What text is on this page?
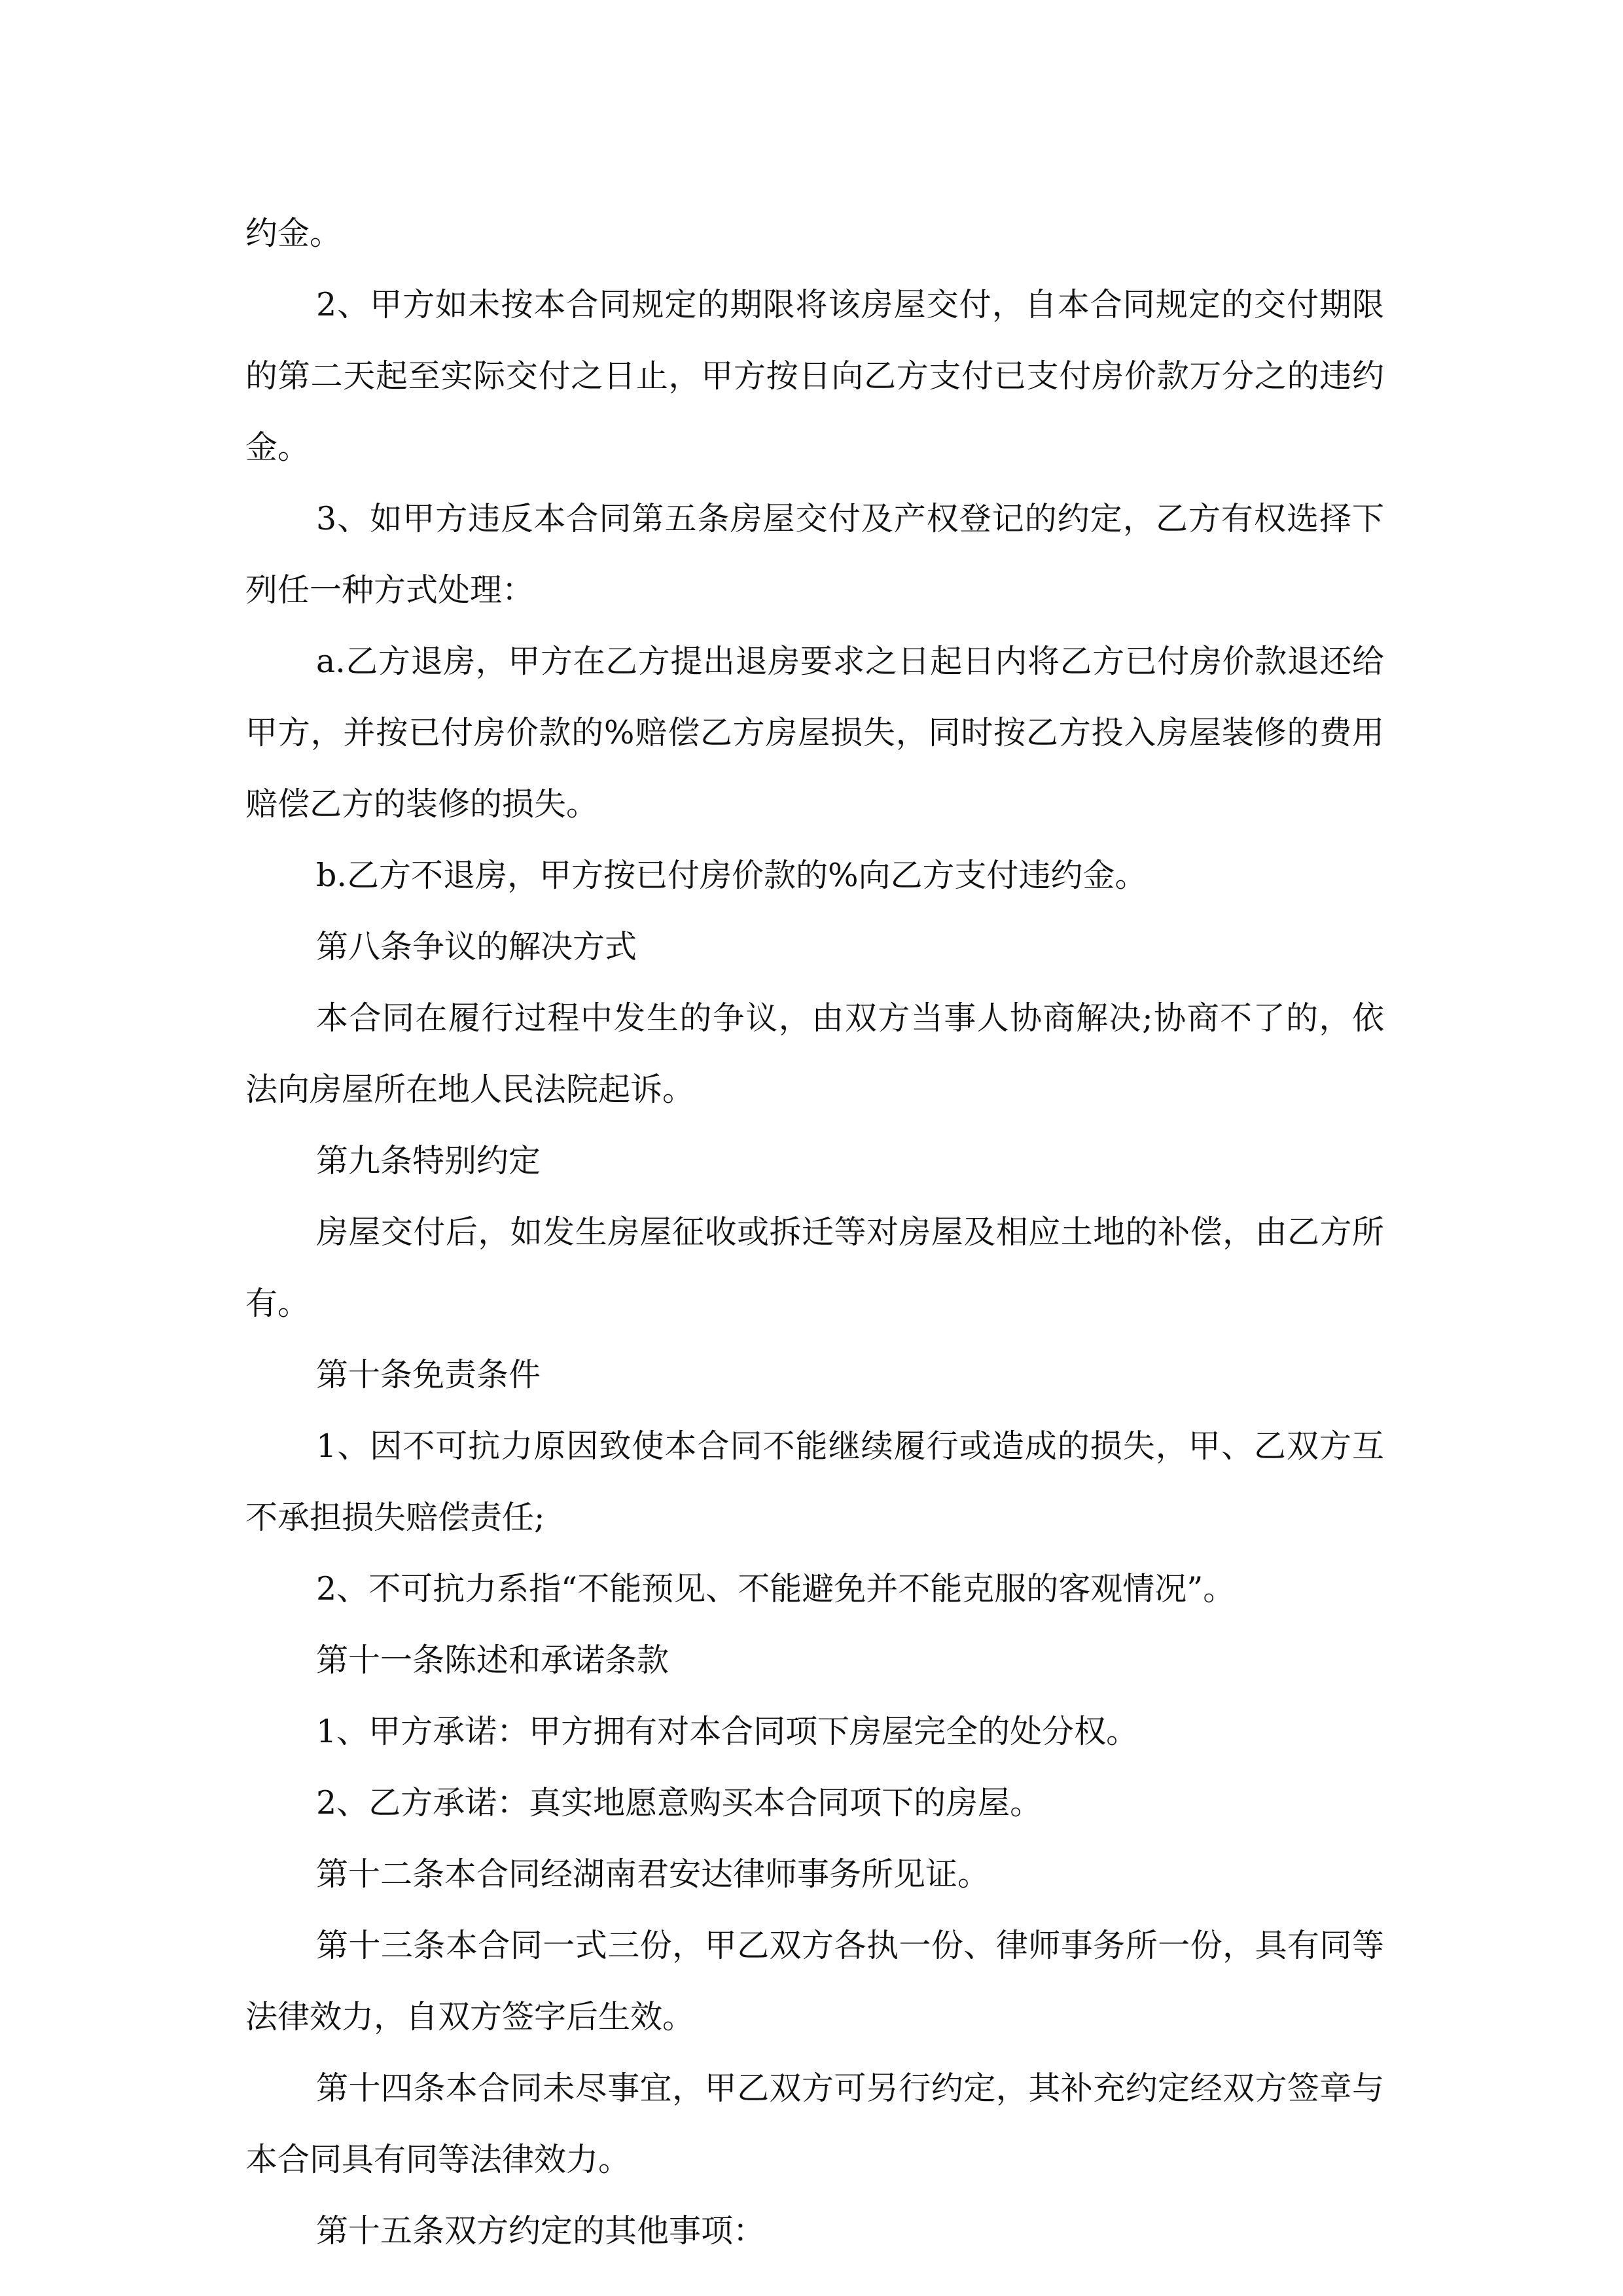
约金。

2、甲方如未按本合同规定的期限将该房屋交付，自本合同规定的交付期限的第二天起至实际交付之日止，甲方按日向乙方支付已支付房价款万分之的违约金。

3、如甲方违反本合同第五条房屋交付及产权登记的约定，乙方有权选择下列任一种方式处理：

a.乙方退房，甲方在乙方提出退房要求之日起日内将乙方已付房价款退还给甲方，并按已付房价款的%赔偿乙方房屋损失，同时按乙方投入房屋装修的费用赔偿乙方的装修的损失。

b.乙方不退房，甲方按已付房价款的%向乙方支付违约金。

第八条争议的解决方式

本合同在履行过程中发生的争议，由双方当事人协商解决;协商不了的，依法向房屋所在地人民法院起诉。

第九条特别约定

房屋交付后，如发生房屋征收或拆迁等对房屋及相应土地的补偿，由乙方所有。

第十条免责条件

1、因不可抗力原因致使本合同不能继续履行或造成的损失，甲、乙双方互不承担损失赔偿责任;

2、不可抗力系指“不能预见、不能避免并不能克服的客观情况”。

第十一条陈述和承诺条款

1、甲方承诺：甲方拥有对本合同项下房屋完全的处分权。

2、乙方承诺：真实地愿意购买本合同项下的房屋。

第十二条本合同经湖南君安达律师事务所见证。

第十三条本合同一式三份，甲乙双方各执一份、律师事务所一份，具有同等法律效力，自双方签字后生效。

第十四条本合同未尽事宜，甲乙双方可另行约定，其补充约定经双方签章与本合同具有同等法律效力。

第十五条双方约定的其他事项：
